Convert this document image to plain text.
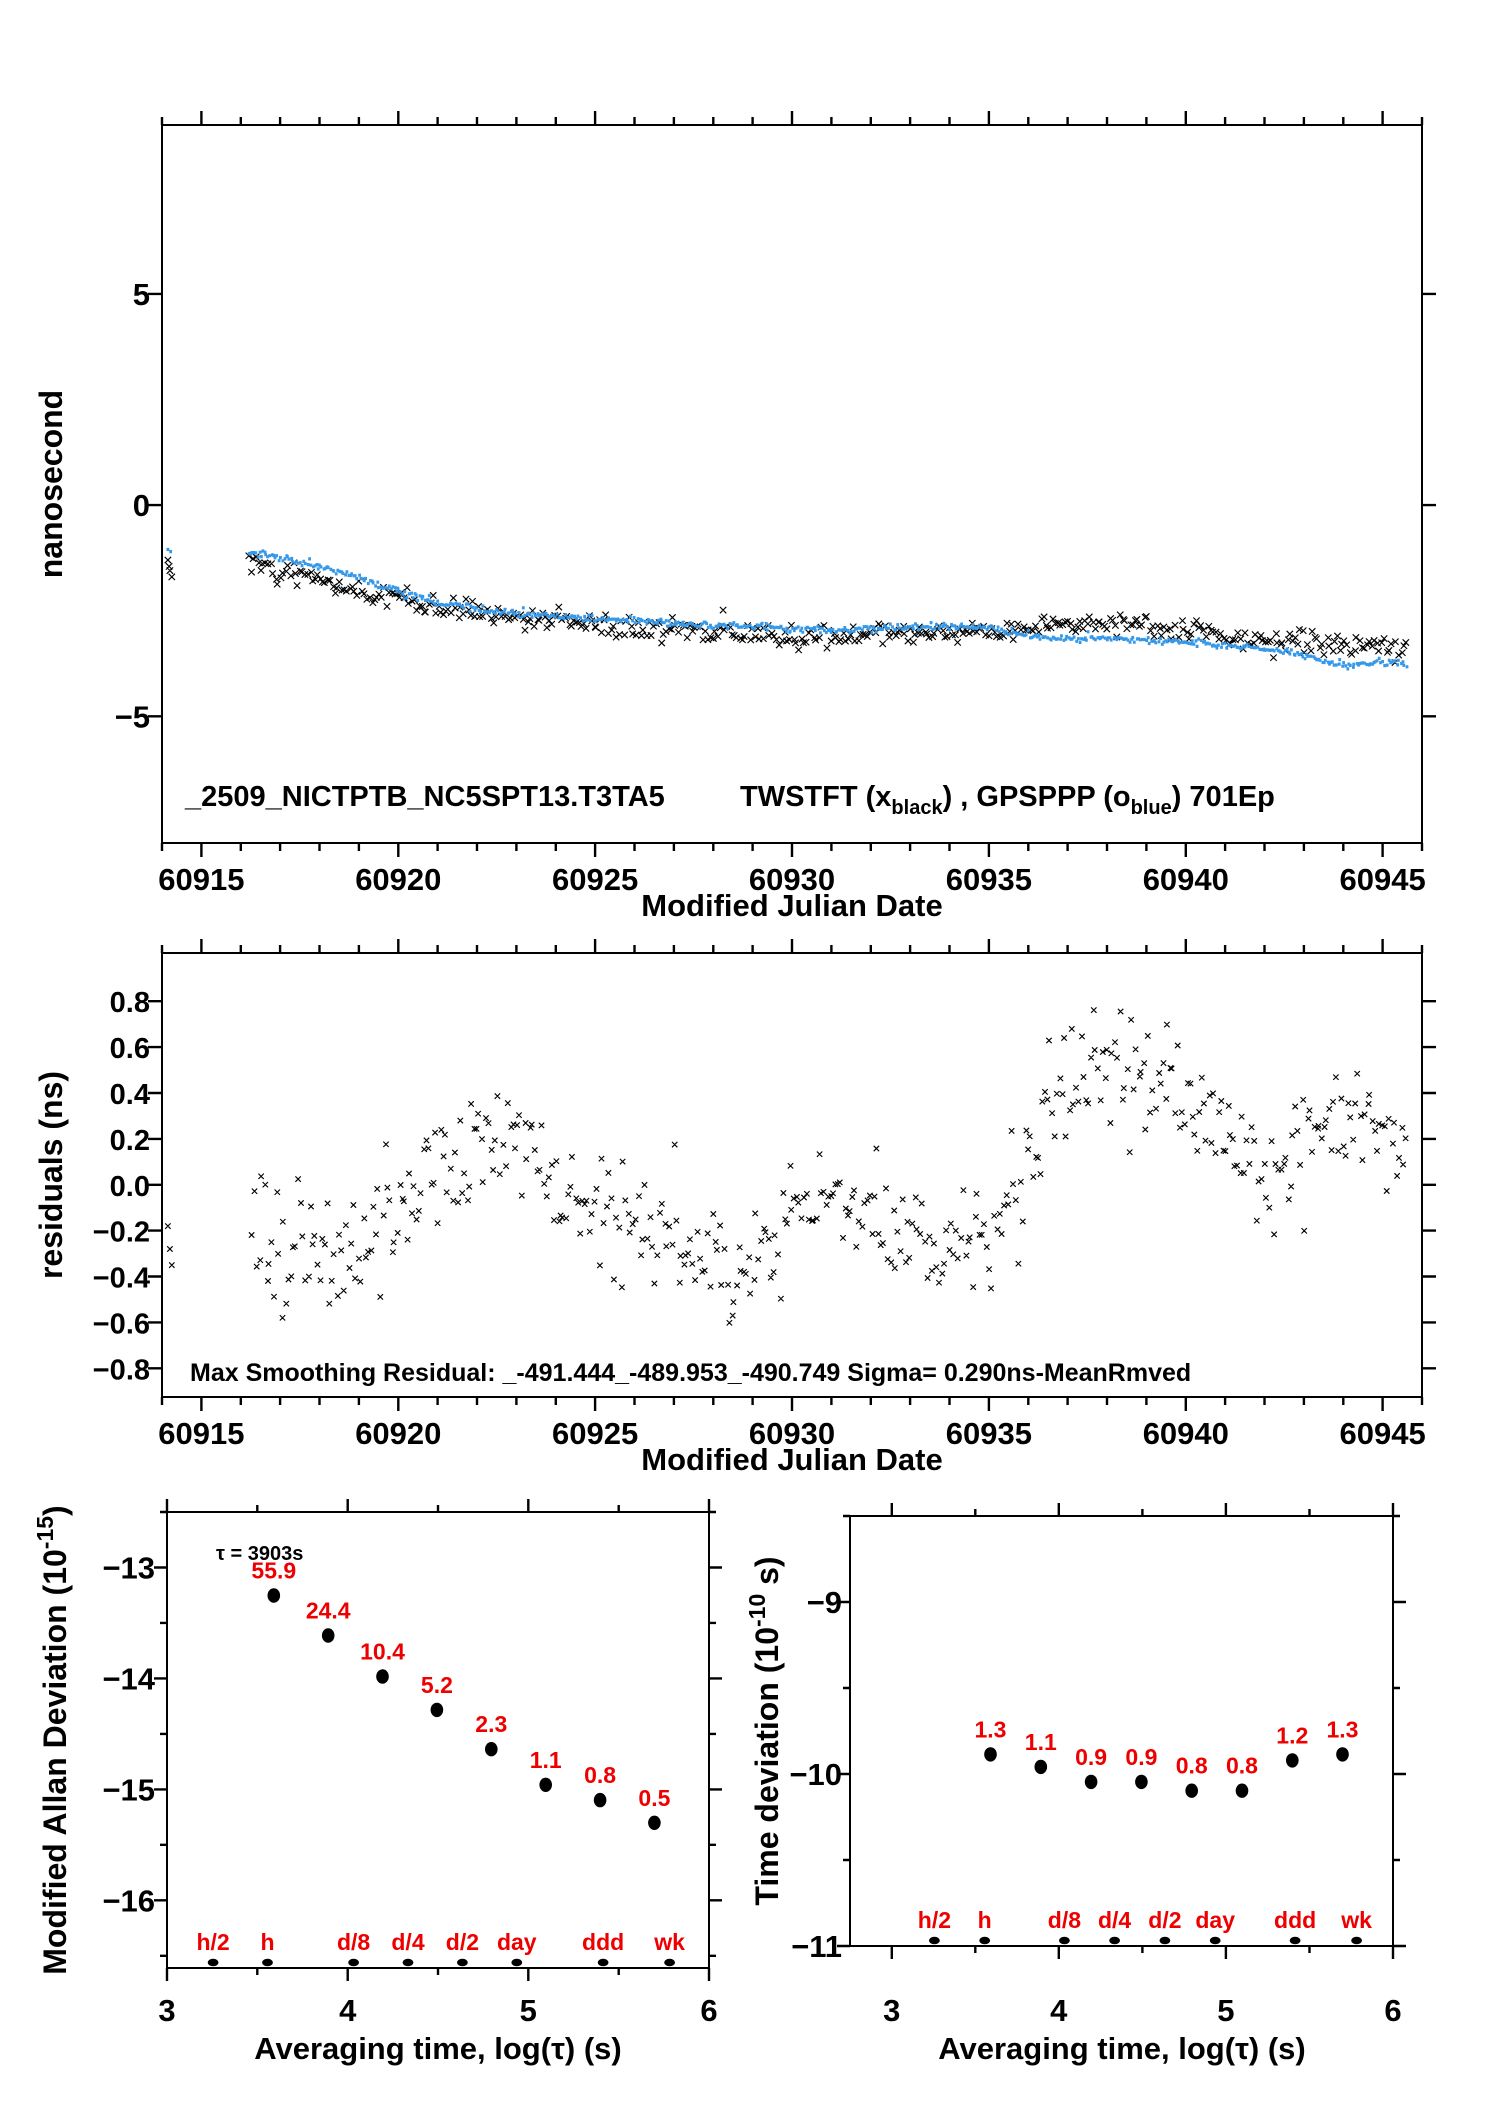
60915	60920	60925	60930	60935	60940	60945
5
0
−5
_2509_NICTPTB_NC5SPT13.T3TA5	TWSTFT $(x_{black})$ , GPSPPP $(o_{blue})$ 701Ep
Modified Julian Date
nanosecond
60915	60920	60925	60930	60935	60940	60945
0.8
0.6
0.4
0.2
0.0
−0.2
−0.4
−0.6
−0.8 Max Smoothing Residual: _-491.444_-489.953_-490.749 Sigma= 0.290ns-MeanRmved
Modified Julian Date
residuals (ns)
3	4	5	6
−13
−14
−15
−16
55.9
24.4
10.4
5.2
2.3
1.1
0.8
0.5
h/2 h	d/8 d/4 d/2 day ddd wk
τ = 3903s
Averaging time, log(τ) (s)
Modified Allan Deviation $(10^{-15})$
3	4	5	6
−9
−10
−11
1.3 1.1
0.9 0.9 0.8 0.8
1.2 1.3
h/2 h d/8 d/4 d/2 day ddd wk
Averaging time, log(τ) (s)
Time deviation ($10^{-10}$ s)
